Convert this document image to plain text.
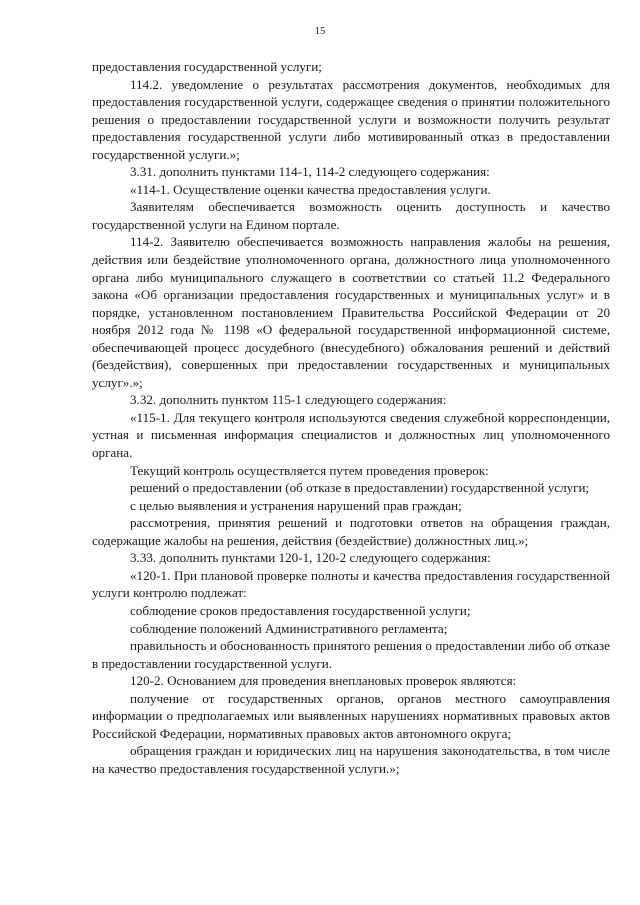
15

предоставления государственной услуги;

114.2. уведомление о результатах рассмотрения документов, необходимых для предоставления государственной услуги, содержащее сведения о принятии положительного решения о предоставлении государственной услуги и возможности получить результат предоставления государственной услуги либо мотивированный отказ в предоставлении государственной услуги.»;

3.31. дополнить пунктами 114-1, 114-2 следующего содержания:

«114-1. Осуществление оценки качества предоставления услуги.

Заявителям обеспечивается возможность оценить доступность и качество государственной услуги на Едином портале.

114-2. Заявителю обеспечивается возможность направления жалобы на решения, действия или бездействие уполномоченного органа, должностного лица уполномоченного органа либо муниципального служащего в соответствии со статьей 11.2 Федерального закона «Об организации предоставления государственных и муниципальных услуг» и в порядке, установленном постановлением Правительства Российской Федерации от 20 ноября 2012 года № 1198 «О федеральной государственной информационной системе, обеспечивающей процесс досудебного (внесудебного) обжалования решений и действий (бездействия), совершенных при предоставлении государственных и муниципальных услуг».»;

3.32. дополнить пунктом 115-1 следующего содержания:

«115-1. Для текущего контроля используются сведения служебной корреспонденции, устная и письменная информация специалистов и должностных лиц уполномоченного органа.

Текущий контроль осуществляется путем проведения проверок:

решений о предоставлении (об отказе в предоставлении) государственной услуги;

с целью выявления и устранения нарушений прав граждан;

рассмотрения, принятия решений и подготовки ответов на обращения граждан, содержащие жалобы на решения, действия (бездействие) должностных лиц.»;

3.33. дополнить пунктами 120-1, 120-2 следующего содержания:

«120-1. При плановой проверке полноты и качества предоставления государственной услуги контролю подлежат:

соблюдение сроков предоставления государственной услуги;

соблюдение положений Административного регламента;

правильность и обоснованность принятого решения о предоставлении либо об отказе в предоставлении государственной услуги.

120-2. Основанием для проведения внеплановых проверок являются:

получение от государственных органов, органов местного самоуправления информации о предполагаемых или выявленных нарушениях нормативных правовых актов Российской Федерации, нормативных правовых актов автономного округа;

обращения граждан и юридических лиц на нарушения законодательства, в том числе на качество предоставления государственной услуги.»;
